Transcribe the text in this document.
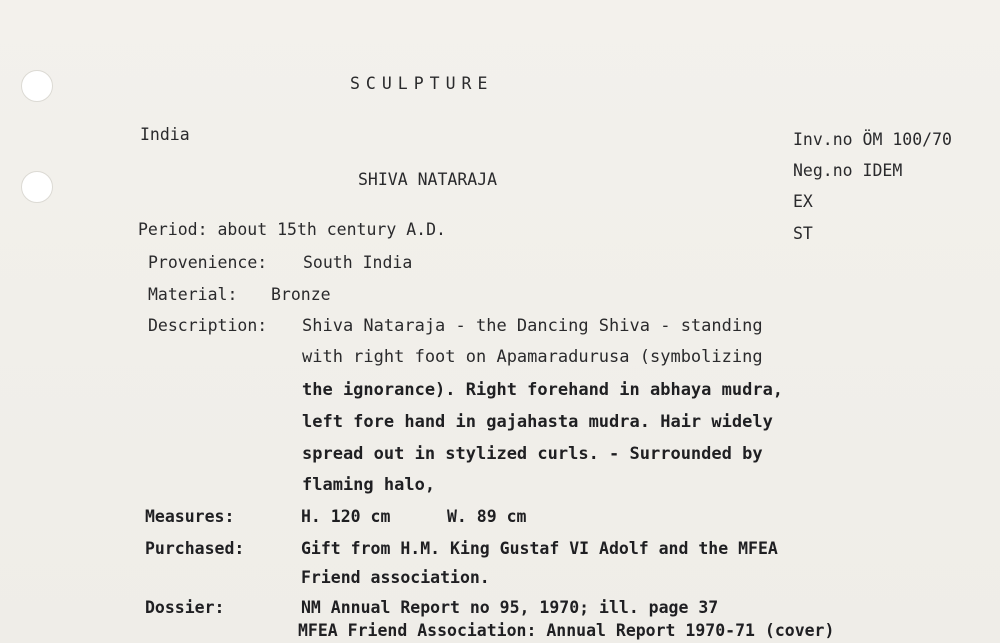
SCULPTURE
India
SHIVA NATARAJA
Inv.no ÖM 100/70
Neg.no IDEM
EX
ST
Period: about 15th century A.D.
Provenience: South India
Material: Bronze
Description: Shiva Nataraja - the Dancing Shiva - standing
with right foot on Apamaradurusa (symbolizing
the ignorance). Right forehand in abhaya mudra,
left fore hand in gajahasta mudra. Hair widely
spread out in stylized curls. - Surrounded by
flaming halo,
Measures:	H. 120 cm	W. 89 cm
Purchased:	Gift from H.M. King Gustaf VI Adolf and the MFEA
Friend association.
Dossier:	NM Annual Report no 95, 1970; ill. page 37
MFEA Friend Association: Annual Report 1970-71 (cover)
